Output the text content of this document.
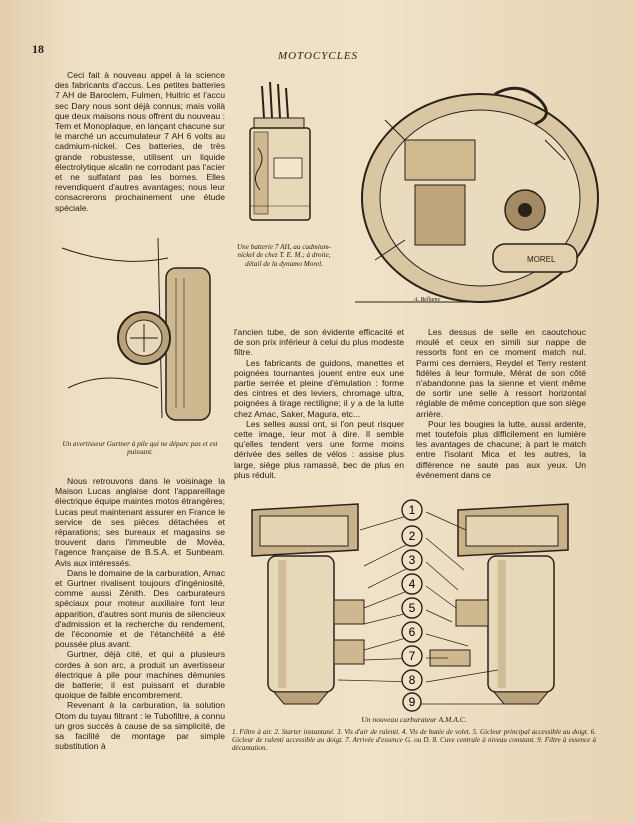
18	MOTOCYCLES

Ceci fait à nouveau appel à la science des fabricants d'accus. Les petites batteries 7 AH de Baroclem, Fulmen, Huitric et l'accu sec Dary nous sont déjà connus; mais voilà que deux maisons nous offrent du nouveau : Tem et Monoplaque, en lançant chacune sur le marché un accumulateur 7 AH 6 volts au cadmium-nickel. Ces batteries, de très grande robustesse, utilisent un liquide électrolytique alcalin ne corrodant pas l'acier et ne sulfatant pas les bornes. Elles revendiquent d'autres avantages; nous leur consacrerons prochainement une étude spéciale.

Une batterie 7 AH, au cadmium-nickel de chez T. E. M.; à droite, détail de la dynamo Morel.	MOREL
A. Bellamy
Un avertisseur Gurtner à pile qui ne déparc pas et est puissant.

l'ancien tube, de son évidente efficacité et de son prix inférieur à celui du plus modeste filtre.

Les fabricants de guidons, manettes et poignées tournantes jouent entre eux une partie serrée et pleine d'émulation : forme des cintres et des leviers, chromage ultra, poignées à tirage rectiligne; il y a de la lutte chez Amac, Saker, Magura, etc...

Les selles aussi ont, si l'on peut risquer cette image, leur mot à dire. Il semble qu'elles tendent vers une forme moins dérivée des selles de vélos : assise plus large, siège plus ramassé, bec de plus en plus réduit.

Les dessus de selle en caoutchouc moulé et ceux en simili sur nappe de ressorts font en ce moment match nul. Parmi ces derniers, Reydel et Terry restent fidèles à leur formule, Mérat de son côté n'abandonne pas la sienne et vient même de sortir une selle à ressort horizontal réglable de même conception que son siège arrière.

Pour les bougies la lutte, aussi ardente, met toutefois plus difficilement en lumière les avantages de chacune; à part le match entre l'isolant Mica et les autres, la différence ne saute pas aux yeux. Un événement dans ce

Nous retrouvons dans le voisinage la Maison Lucas anglaise dont l'appareillage électrique équipe maintes motos étrangères; Lucas peut maintenant assurer en France le service de ses pièces détachées et réparations; ses bureaux et magasins se trouvent dans l'immeuble de Movéa, l'agence française de B.S.A. et Sunbeam. Avis aux intéressés.

Dans le domaine de la carburation, Amac et Gurtner rivalisent toujours d'ingéniosité, comme aussi Zénith. Des carburateurs spéciaux pour moteur auxiliaire font leur apparition, d'autres sont munis de silencieux d'admission et la recherche du rendement, de l'économie et de l'étanchéité a été poussée plus avant.

Gurtner, déjà cité, et qui a plusieurs cordes à son arc, a produit un avertisseur électrique à pile pour machines démunies de batterie; il est puissant et durable quoique de faible encombrement.

Revenant à la carburation, la solution Otom du tuyau filtrant : le Tubofiltre, a connu un gros succès à cause de sa simplicité, de sa facilité de montage par simple substitution à

1
2
3
4
5
6
7
8
9
Un nouveau carburateur A.M.A.C.
1. Filtre à air. 2. Starter instantané. 3. Vis d'air de ralenti. 4. Vis de butée de volet. 5. Gicleur principal accessible au doigt. 6. Gicleur de ralenti accessible au doigt. 7. Arrivée d'essence G. ou D. 8. Cuve centrale à niveau constant. 9. Filtre à essence à décantation.
